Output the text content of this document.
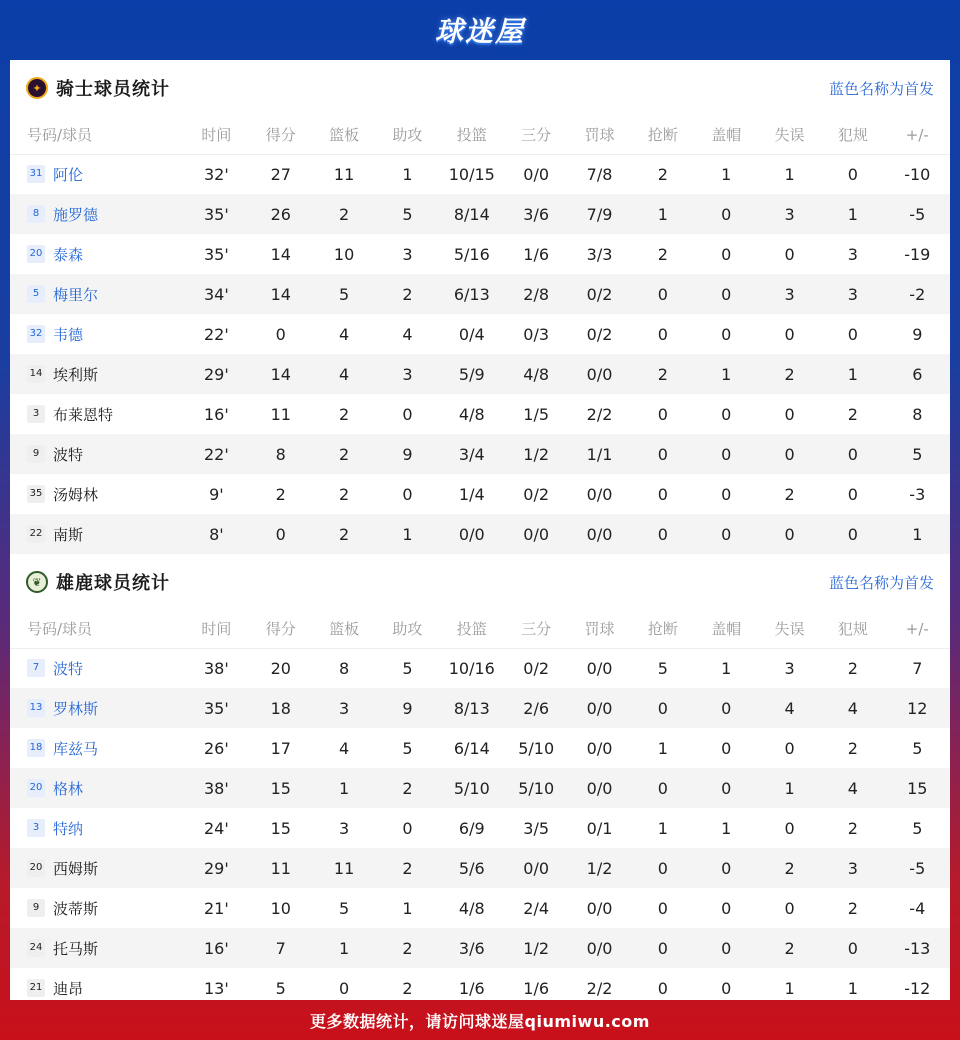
球迷屋
✦ 骑士球员统计	蓝色名称为首发
号码/球员	时间	得分	篮板	助攻	投篮	三分	罚球	抢断	盖帽	失误	犯规	+/-
31 阿伦	32'	27	11	1	10/15	0/0	7/8	2	1	1	0	-10
8 施罗德	35'	26	2	5	8/14	3/6	7/9	1	0	3	1	-5
20 泰森	35'	14	10	3	5/16	1/6	3/3	2	0	0	3	-19
5 梅里尔	34'	14	5	2	6/13	2/8	0/2	0	0	3	3	-2
32 韦德	22'	0	4	4	0/4	0/3	0/2	0	0	0	0	9
14 埃利斯	29'	14	4	3	5/9	4/8	0/0	2	1	2	1	6
3 布莱恩特	16'	11	2	0	4/8	1/5	2/2	0	0	0	2	8
9 波特	22'	8	2	9	3/4	1/2	1/1	0	0	0	0	5
35 汤姆林	9'	2	2	0	1/4	0/2	0/0	0	0	2	0	-3
22 南斯	8'	0	2	1	0/0	0/0	0/0	0	0	0	0	1
❦ 雄鹿球员统计	蓝色名称为首发
号码/球员	时间	得分	篮板	助攻	投篮	三分	罚球	抢断	盖帽	失误	犯规	+/-
7 波特	38'	20	8	5	10/16	0/2	0/0	5	1	3	2	7
13 罗林斯	35'	18	3	9	8/13	2/6	0/0	0	0	4	4	12
18 库兹马	26'	17	4	5	6/14	5/10	0/0	1	0	0	2	5
20 格林	38'	15	1	2	5/10	5/10	0/0	0	0	1	4	15
3 特纳	24'	15	3	0	6/9	3/5	0/1	1	1	0	2	5
20 西姆斯	29'	11	11	2	5/6	0/0	1/2	0	0	2	3	-5
9 波蒂斯	21'	10	5	1	4/8	2/4	0/0	0	0	0	2	-4
24 托马斯	16'	7	1	2	3/6	1/2	0/0	0	0	2	0	-13
21 迪昂	13'	5	0	2	1/6	1/6	2/2	0	0	1	1	-12
更多数据统计，请访问球迷屋qiumiwu.com
